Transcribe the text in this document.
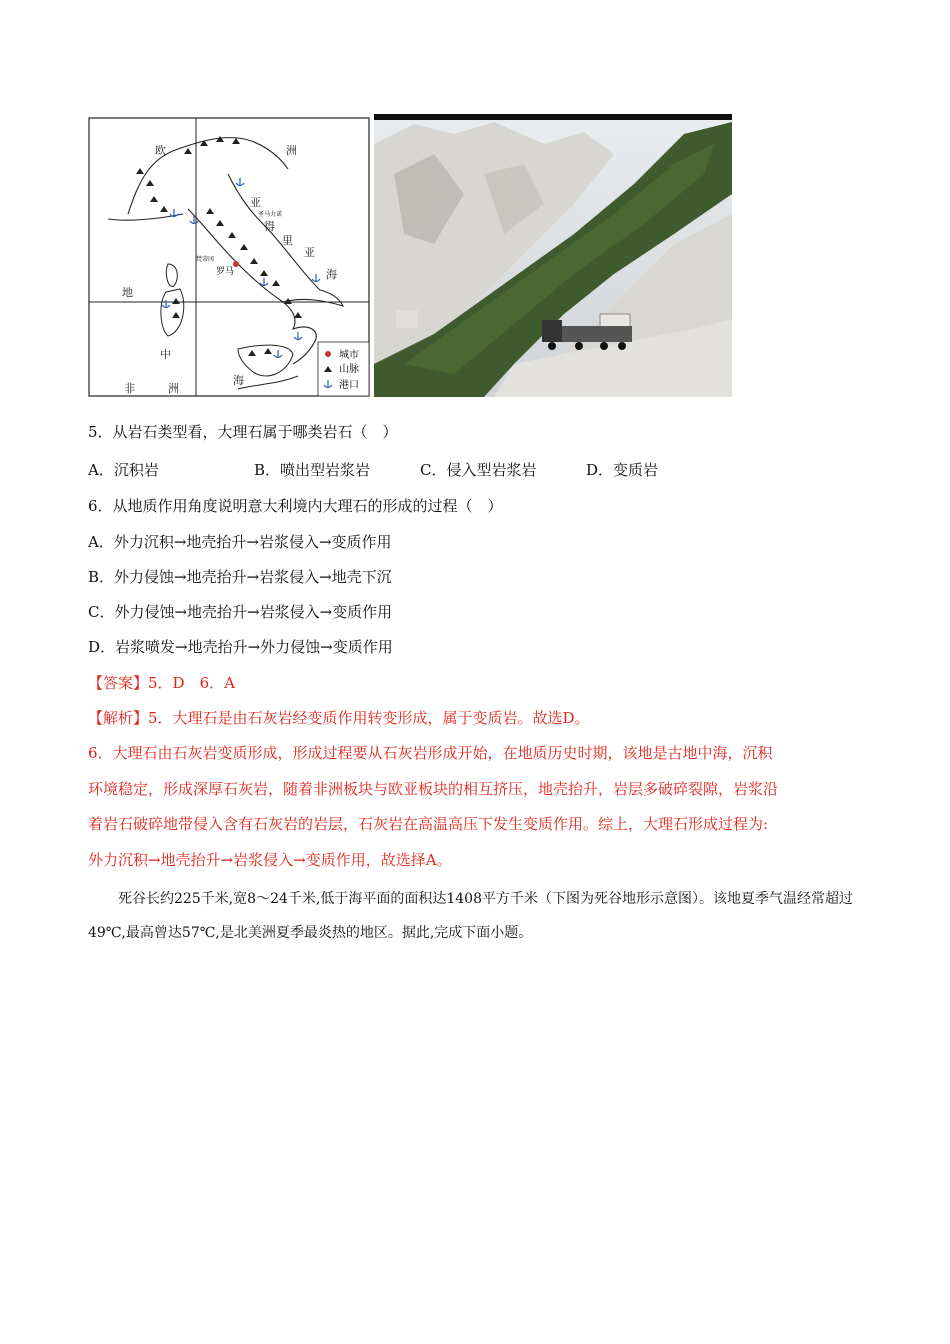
罗马
梵蒂冈
圣马力诺
欧	洲
亚
得
里
亚
海
地
中
海
非	洲
城市
山脉
港口
5．从岩石类型看，大理石属于哪类岩石（　）
A．沉积岩	B．喷出型岩浆岩	C．侵入型岩浆岩	D．变质岩
6．从地质作用角度说明意大利境内大理石的形成的过程（　）
A．外力沉积→地壳抬升→岩浆侵入→变质作用
B．外力侵蚀→地壳抬升→岩浆侵入→地壳下沉
C．外力侵蚀→地壳抬升→岩浆侵入→变质作用
D．岩浆喷发→地壳抬升→外力侵蚀→变质作用
【答案】5．D　6．A
【解析】5．大理石是由石灰岩经变质作用转变形成，属于变质岩。故选D。
6．大理石由石灰岩变质形成，形成过程要从石灰岩形成开始，在地质历史时期，该地是古地中海，沉积
环境稳定，形成深厚石灰岩，随着非洲板块与欧亚板块的相互挤压，地壳抬升，岩层多破碎裂隙，岩浆沿
着岩石破碎地带侵入含有石灰岩的岩层，石灰岩在高温高压下发生变质作用。综上，大理石形成过程为:
外力沉积→地壳抬升→岩浆侵入→变质作用，故选择A。
死谷长约225千米,宽8～24千米,低于海平面的面积达1408平方千米（下图为死谷地形示意图）。该地夏季气温经常超过49℃,最高曾达57℃,是北美洲夏季最炎热的地区。据此,完成下面小题。
